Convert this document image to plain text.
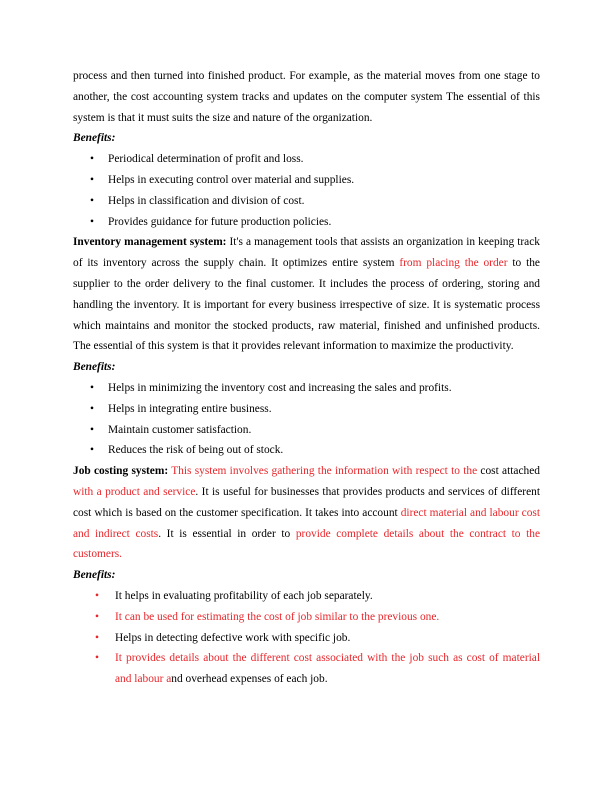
process and then turned into finished product. For example, as the material moves from one stage to another, the cost accounting system tracks and updates on the computer system The essential of this system is that it must suits the size and nature of the organization.

Benefits:

• Periodical determination of profit and loss.
• Helps in executing control over material and supplies.
• Helps in classification and division of cost.
• Provides guidance for future production policies.

Inventory management system: It's a management tools that assists an organization in keeping track of its inventory across the supply chain. It optimizes entire system from placing the order to the supplier to the order delivery to the final customer. It includes the process of ordering, storing and handling the inventory. It is important for every business irrespective of size. It is systematic process which maintains and monitor the stocked products, raw material, finished and unfinished products. The essential of this system is that it provides relevant information to maximize the productivity.

Benefits:

• Helps in minimizing the inventory cost and increasing the sales and profits.
• Helps in integrating entire business.
• Maintain customer satisfaction.
• Reduces the risk of being out of stock.

Job costing system: This system involves gathering the information with respect to the cost attached with a product and service. It is useful for businesses that provides products and services of different cost which is based on the customer specification. It takes into account direct material and labour cost and indirect costs. It is essential in order to provide complete details about the contract to the customers.

Benefits:

• It helps in evaluating profitability of each job separately.
• It can be used for estimating the cost of job similar to the previous one.
• Helps in detecting defective work with specific job.
• It provides details about the different cost associated with the job such as cost of material and labour and overhead expenses of each job.
